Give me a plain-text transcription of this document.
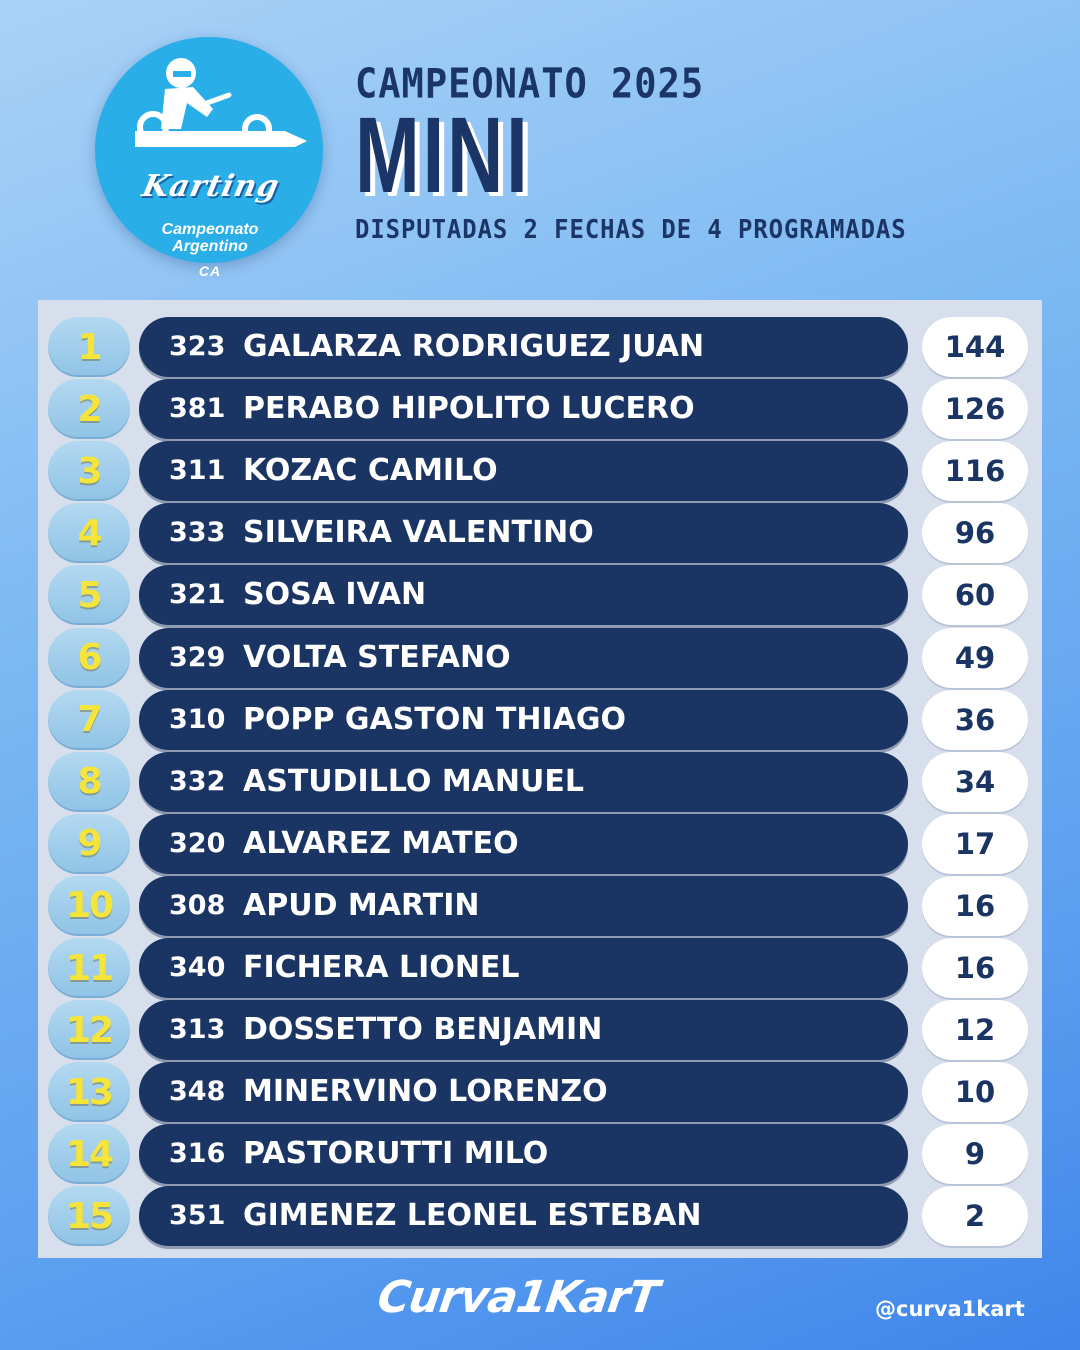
Karting
Campeonato
Argentino
CA
CAMPEONATO 2025
MINI
DISPUTADAS 2 FECHAS DE 4 PROGRAMADAS
1	323 GALARZA RODRIGUEZ JUAN	144
2	381 PERABO HIPOLITO LUCERO	126
3	311 KOZAC CAMILO	116
4	333 SILVEIRA VALENTINO	96
5	321 SOSA IVAN	60
6	329 VOLTA STEFANO	49
7	310 POPP GASTON THIAGO	36
8	332 ASTUDILLO MANUEL	34
9	320 ALVAREZ MATEO	17
10	308 APUD MARTIN	16
11	340 FICHERA LIONEL	16
12	313 DOSSETTO BENJAMIN	12
13	348 MINERVINO LORENZO	10
14	316 PASTORUTTI MILO	9
15	351 GIMENEZ LEONEL ESTEBAN	2
Curva1KarT	@curva1kart
